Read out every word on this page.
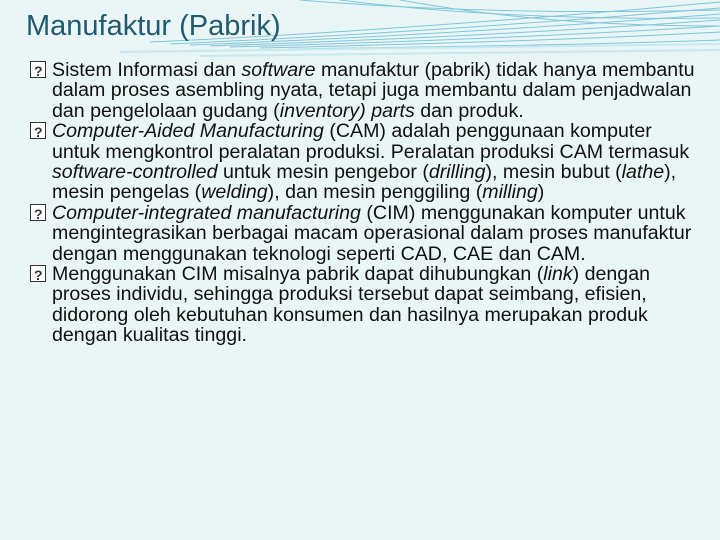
Manufaktur (Pabrik)

?
Sistem Informasi dan software manufaktur (pabrik) tidak hanya membantu dalam proses asembling nyata, tetapi juga membantu dalam penjadwalan dan pengelolaan gudang (inventory) parts dan produk.

?
Computer-Aided Manufacturing (CAM) adalah penggunaan komputer untuk mengkontrol peralatan produksi. Peralatan produksi CAM termasuk software-controlled untuk mesin pengebor (drilling), mesin bubut (lathe), mesin pengelas (welding), dan mesin penggiling (milling)

?
Computer-integrated manufacturing (CIM) menggunakan komputer untuk mengintegrasikan berbagai macam operasional dalam proses manufaktur dengan menggunakan teknologi seperti CAD, CAE dan CAM.

?
Menggunakan CIM misalnya pabrik dapat dihubungkan (link) dengan proses individu, sehingga produksi tersebut dapat seimbang, efisien, didorong oleh kebutuhan konsumen dan hasilnya merupakan produk dengan kualitas tinggi.
